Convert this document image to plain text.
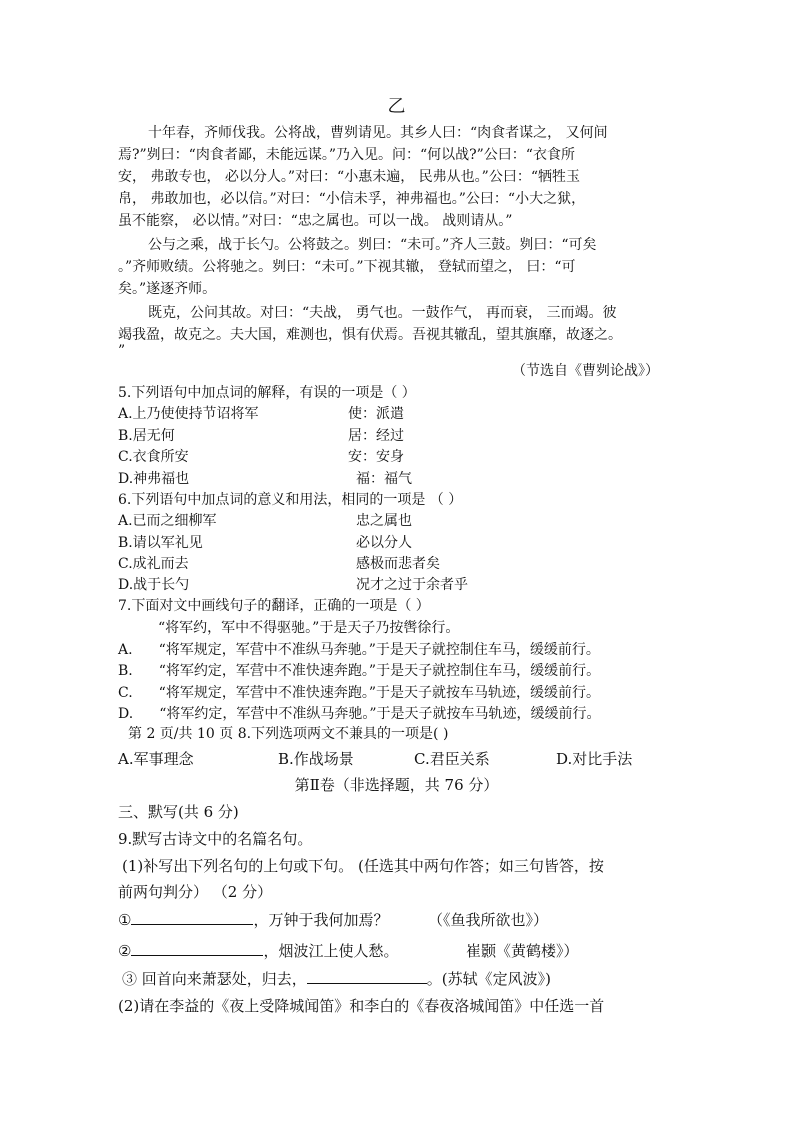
乙
十年春，齐师伐我。公将战，曹刿请见。其乡人曰：“肉食者谋之， 又何间
焉?”刿曰：“肉食者鄙，未能远谋。”乃入见。问：“何以战?”公曰：“衣食所
安， 弗敢专也， 必以分人。”对曰：“小惠未遍， 民弗从也。”公曰：“牺牲玉
帛， 弗敢加也，必以信。”对曰：“小信未孚，神弗福也。”公曰：“小大之狱，
虽不能察， 必以情。”对曰：“忠之属也。可以一战。 战则请从。”
公与之乘，战于长勺。公将鼓之。刿曰：“未可。”齐人三鼓。刿曰：“可矣
。”齐师败绩。公将驰之。刿曰：“未可。”下视其辙， 登轼而望之， 曰：“可
矣。”遂逐齐师。
既克，公问其故。对曰：“夫战， 勇气也。一鼓作气， 再而衰， 三而竭。彼
竭我盈，故克之。夫大国，难测也，惧有伏焉。吾视其辙乱，望其旗靡，故逐之。
”
（节选自《曹刿论战》）
5.下列语句中加点词的解释，有误的一项是（ ）
A.上乃使使持节诏将军	使：派遣
B.居无何	居：经过
C.衣食所安	安：安身
D.神弗福也	福：福气
6.下列语句中加点词的意义和用法，相同的一项是 （ ）
A.已而之细柳军	忠之属也
B.请以军礼见	必以分人
C.成礼而去	感极而悲者矣
D.战于长勺	况才之过于余者乎
7.下面对文中画线句子的翻译，正确的一项是（ ）
“将军约，军中不得驱驰。”于是天子乃按辔徐行。
A. “将军规定，军营中不准纵马奔驰。”于是天子就控制住车马，缓缓前行。
B. “将军约定，军营中不准快速奔跑。”于是天子就控制住车马，缓缓前行。
C. “将军规定，军营中不准快速奔跑。”于是天子就按车马轨迹，缓缓前行。
D. “将军约定，军营中不准纵马奔驰。”于是天子就按车马轨迹，缓缓前行。
第 2 页/共 10 页 8.下列选项两文不兼具的一项是( )
A.军事理念	B.作战场景	C.君臣关系	D.对比手法
第Ⅱ卷（非选择题，共 76 分）
三、默写(共 6 分)
9.默写古诗文中的名篇名句。
(1)补写出下列名句的上句或下句。 (任选其中两句作答；如三句皆答，按
前两句判分） （2 分）
①	，万钟于我何加焉？	（《鱼我所欲也》）
②	，烟波江上使人愁。	崔颢《黄鹤楼》）
③ 回首向来萧瑟处，归去，	。(苏轼《定风波》)
(2)请在李益的《夜上受降城闻笛》和李白的《春夜洛城闻笛》中任选一首
